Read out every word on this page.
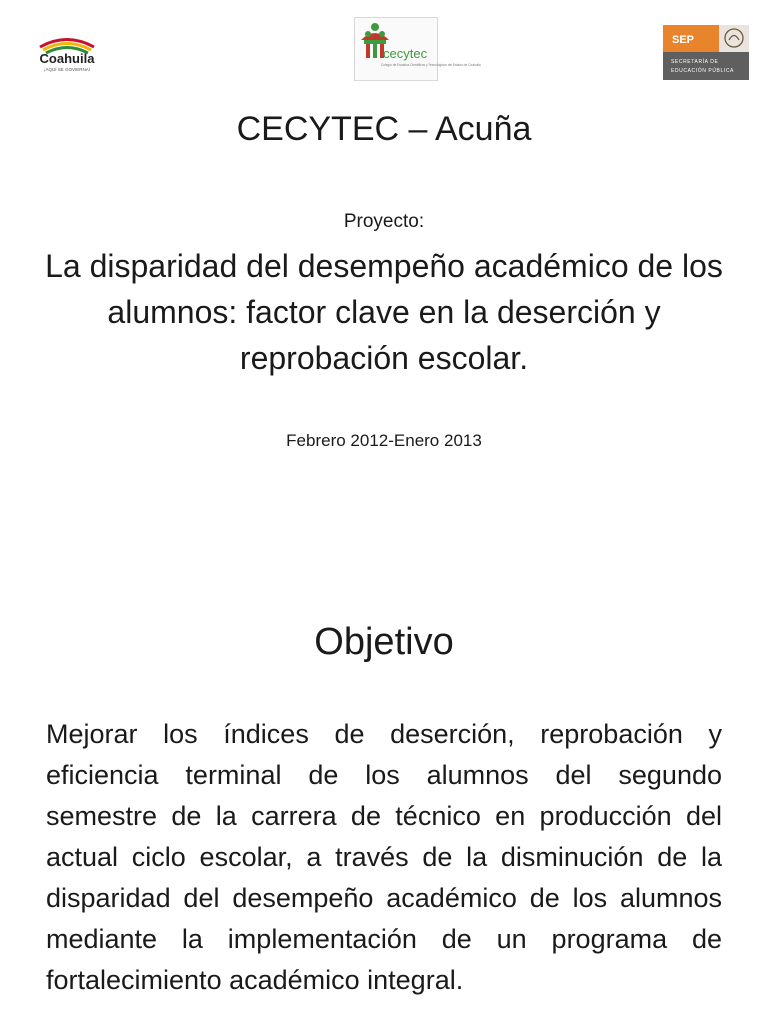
Coahuila
¡AQUÍ SE GOVIERNA!
cecytec
Colegio de Estudios Científicos y Tecnológicos del Estado de Coahuila
SEP
SECRETARÍA DE
EDUCACIÓN PÚBLICA
CECYTEC – Acuña
Proyecto:
La disparidad del desempeño académico de los alumnos: factor clave en la deserción y reprobación escolar.
Febrero 2012-Enero 2013
Objetivo
Mejorar los índices de deserción, reprobación y eficiencia terminal de los alumnos del segundo semestre de la carrera de técnico en producción del actual ciclo escolar, a través de la disminución de la disparidad del desempeño académico de los alumnos mediante la implementación de un programa de fortalecimiento académico integral.
